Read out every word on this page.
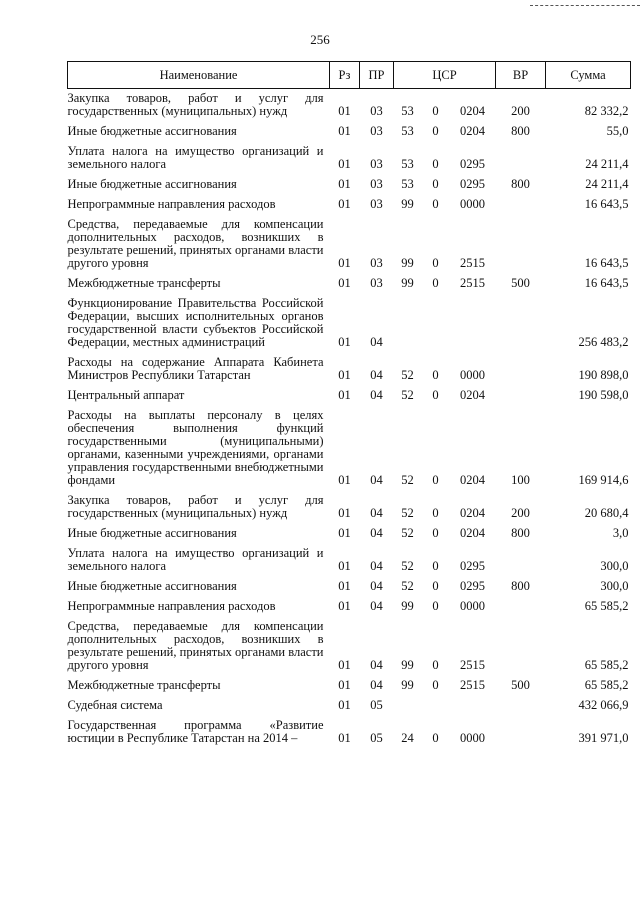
256
Наименование	Рз	ПР	ЦСР			ВР	Сумма
Закупка товаров, работ и услуг для государственных (муниципальных) нужд	01	03	53	0	0204	200	82 332,2
Иные бюджетные ассигнования	01	03	53	0	0204	800	55,0
Уплата налога на имущество организаций и земельного налога	01	03	53	0	0295		24 211,4
Иные бюджетные ассигнования	01	03	53	0	0295	800	24 211,4
Непрограммные направления расходов	01	03	99	0	0000		16 643,5
Средства, передаваемые для компенсации дополнительных расходов, возникших в результате решений, принятых органами власти другого уровня	01	03	99	0	2515		16 643,5
Межбюджетные трансферты	01	03	99	0	2515	500	16 643,5
Функционирование Правительства Российской Федерации, высших исполнительных органов государственной власти субъектов Российской Федерации, местных администраций	01	04					256 483,2
Расходы на содержание Аппарата Кабинета Министров Республики Татарстан	01	04	52	0	0000		190 898,0
Центральный аппарат	01	04	52	0	0204		190 598,0
Расходы на выплаты персоналу в целях обеспечения выполнения функций государственными (муниципальными) органами, казенными учреждениями, органами управления государственными внебюджетными фондами	01	04	52	0	0204	100	169 914,6
Закупка товаров, работ и услуг для государственных (муниципальных) нужд	01	04	52	0	0204	200	20 680,4
Иные бюджетные ассигнования	01	04	52	0	0204	800	3,0
Уплата налога на имущество организаций и земельного налога	01	04	52	0	0295		300,0
Иные бюджетные ассигнования	01	04	52	0	0295	800	300,0
Непрограммные направления расходов	01	04	99	0	0000		65 585,2
Средства, передаваемые для компенсации дополнительных расходов, возникших в результате решений, принятых органами власти другого уровня	01	04	99	0	2515		65 585,2
Межбюджетные трансферты	01	04	99	0	2515	500	65 585,2
Судебная система	01	05					432 066,9
Государственная программа «Развитие юстиции в Республике Татарстан на 2014 –	01	05	24	0	0000		391 971,0
